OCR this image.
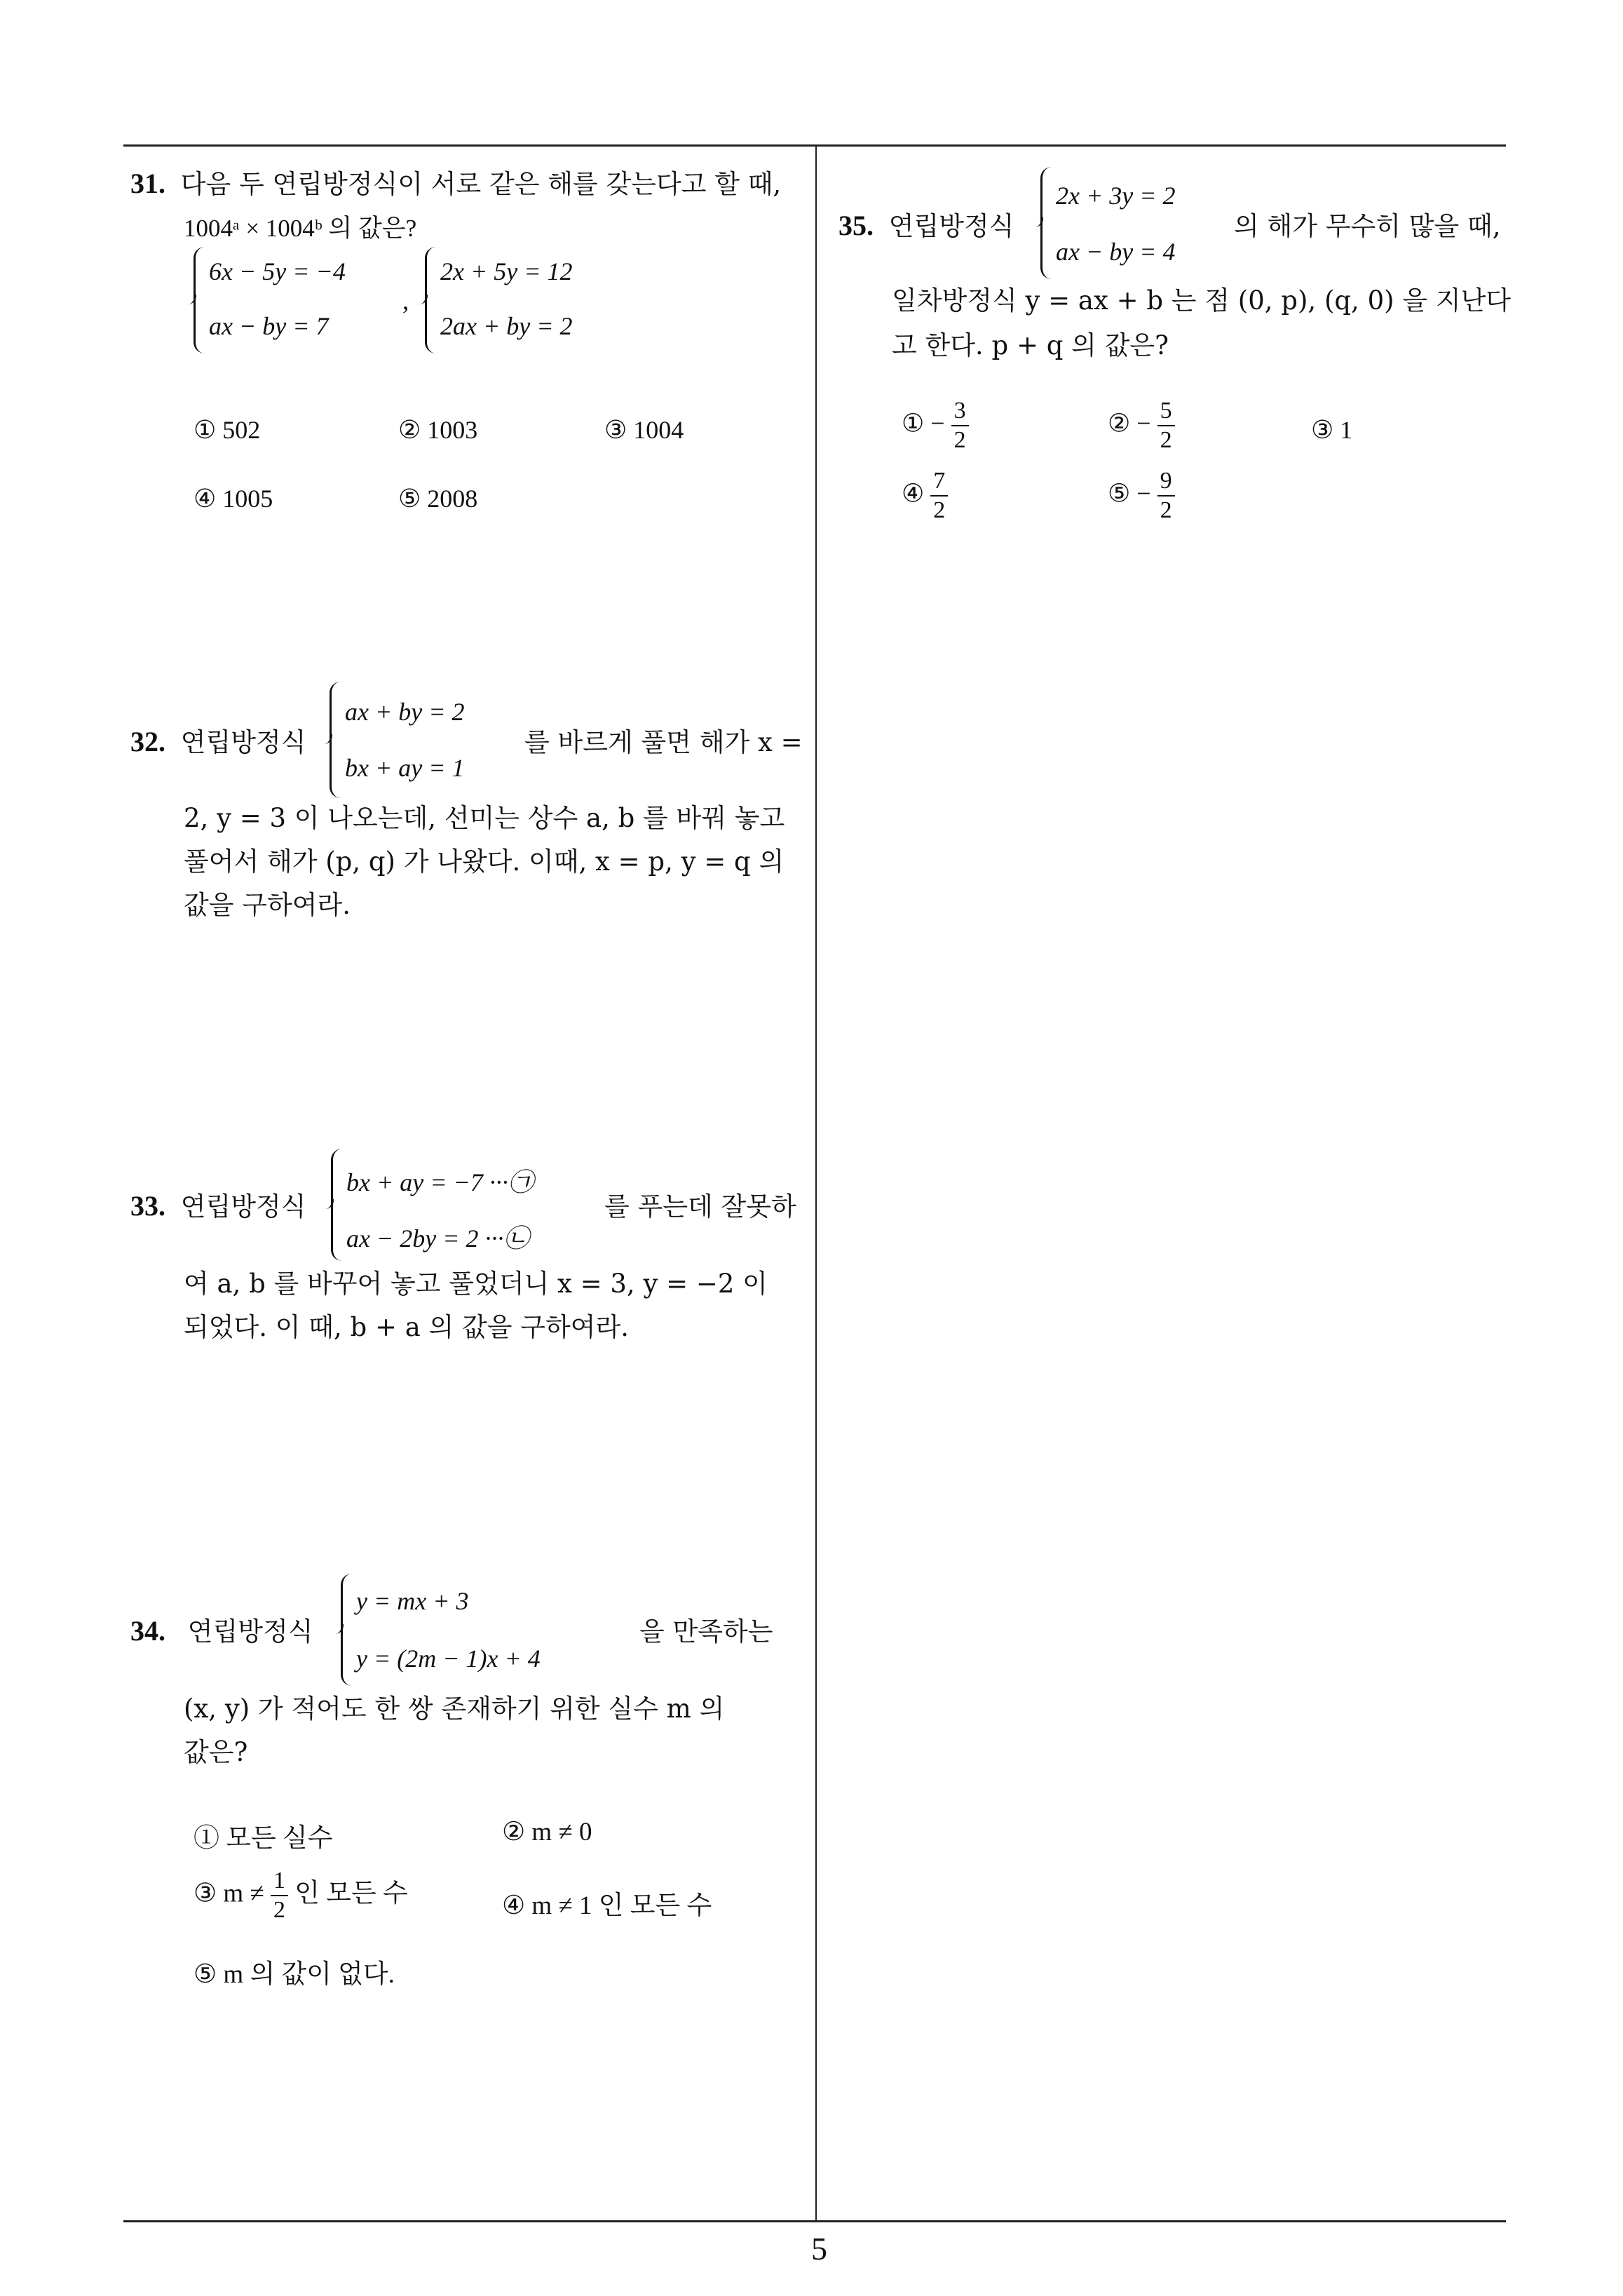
5
31. 다음 두 연립방정식이 서로 같은 해를 갖는다고 할 때,
1004ᵃ × 1004ᵇ 의 값은?
6x − 5y = −4
ax − by = 7
,
2x + 5y = 12
2ax + by = 2
① 502	② 1003	③ 1004
④ 1005	⑤ 2008
32. 연립방정식
ax + by = 2
bx + ay = 1
를 바르게 풀면 해가 x =
2, y = 3 이 나오는데, 선미는 상수 a, b 를 바꿔 놓고
풀어서 해가 (p, q) 가 나왔다. 이때, x = p, y = q 의
값을 구하여라.
33. 연립방정식
bx + ay = −7 ···㉠
ax − 2by = 2 ···㉡
를 푸는데 잘못하
여 a, b 를 바꾸어 놓고 풀었더니 x = 3, y = −2 이
되었다. 이 때, b + a 의 값을 구하여라.
34. 연립방정식
y = mx + 3
y = (2m − 1)x + 4
을 만족하는
(x, y) 가 적어도 한 쌍 존재하기 위한 실수 m 의
값은?
① 모든 실수	② m ≠ 0
③ $m \ne \frac{1}{2}$ 인 모든 수	④ m ≠ 1 인 모든 수
⑤ m 의 값이 없다.
35. 연립방정식
2x + 3y = 2
ax − by = 4
의 해가 무수히 많을 때,
일차방정식 y = ax + b 는 점 (0, p), (q, 0) 을 지난다
고 한다. p + q 의 값은?
① − $\frac{3}{2}$	② − $\frac{5}{2}$	③ 1
④ $\frac{7}{2}$	⑤ − $\frac{9}{2}$
